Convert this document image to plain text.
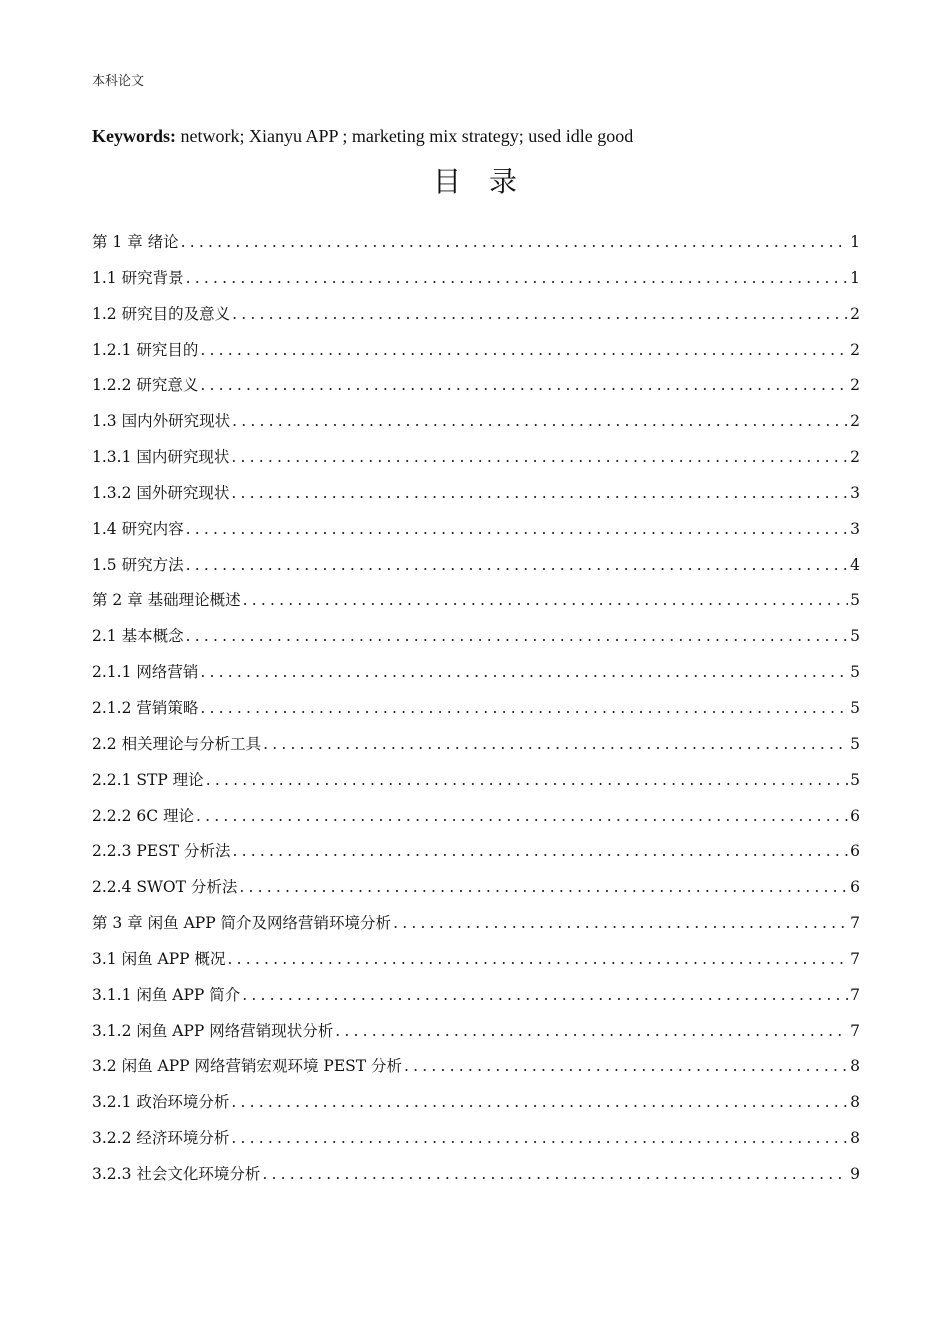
本科论文
Keywords: network; Xianyu APP ; marketing mix strategy; used idle good
目录
第 1 章 绪论 .....	1
1.1 研究背景 .....	1
1.2 研究目的及意义 .....	2
1.2.1 研究目的 .....	2
1.2.2 研究意义 .....	2
1.3 国内外研究现状 .....	2
1.3.1 国内研究现状 .....	2
1.3.2 国外研究现状 .....	3
1.4 研究内容 .....	3
1.5 研究方法 .....	4
第 2 章 基础理论概述 .....	5
2.1 基本概念 .....	5
2.1.1 网络营销 .....	5
2.1.2 营销策略 .....	5
2.2 相关理论与分析工具 .....	5
2.2.1 STP 理论 .....	5
2.2.2 6C 理论 .....	6
2.2.3 PEST 分析法 .....	6
2.2.4 SWOT 分析法 .....	6
第 3 章 闲鱼 APP 简介及网络营销环境分析 .....	7
3.1 闲鱼 APP 概况 .....	7
3.1.1 闲鱼 APP 简介 .....	7
3.1.2 闲鱼 APP 网络营销现状分析 .....	7
3.2 闲鱼 APP 网络营销宏观环境 PEST 分析 .....	8
3.2.1 政治环境分析 .....	8
3.2.2 经济环境分析 .....	8
3.2.3 社会文化环境分析 .....	9
